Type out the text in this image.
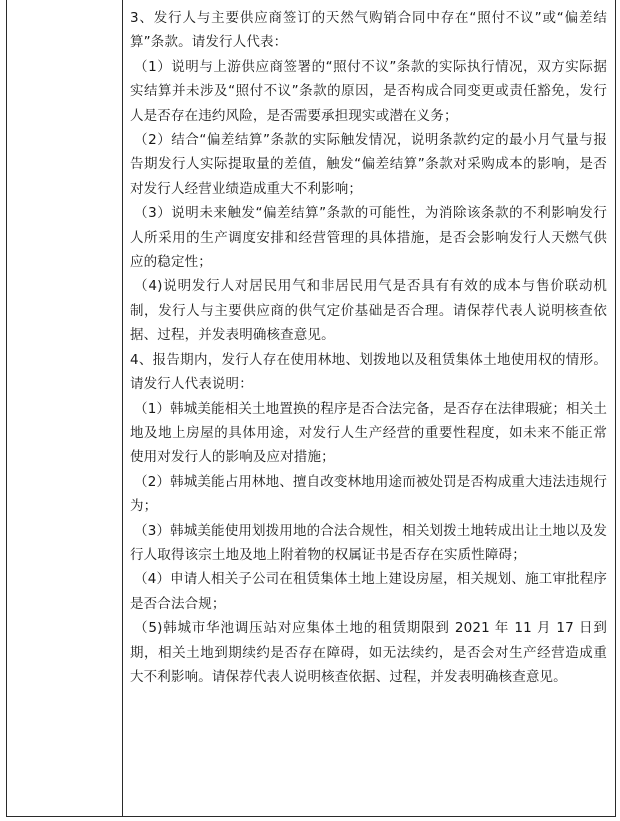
3、发行人与主要供应商签订的天然气购销合同中存在“照付不议”或“偏差结算”条款。请发行人代表：

（1）说明与上游供应商签署的“照付不议”条款的实际执行情况，双方实际据实结算并未涉及“照付不议”条款的原因，是否构成合同变更或责任豁免，发行人是否存在违约风险，是否需要承担现实或潜在义务；

（2）结合“偏差结算”条款的实际触发情况，说明条款约定的最小月气量与报告期发行人实际提取量的差值，触发“偏差结算”条款对采购成本的影响，是否对发行人经营业绩造成重大不利影响；

（3）说明未来触发“偏差结算”条款的可能性，为消除该条款的不利影响发行人所采用的生产调度安排和经营管理的具体措施，是否会影响发行人天燃气供应的稳定性；

（4)说明发行人对居民用气和非居民用气是否具有有效的成本与售价联动机制，发行人与主要供应商的供气定价基础是否合理。请保荐代表人说明核查依据、过程，并发表明确核查意见。

4、报告期内，发行人存在使用林地、划拨地以及租赁集体土地使用权的情形。请发行人代表说明：

（1）韩城美能相关土地置换的程序是否合法完备，是否存在法律瑕疵；相关土地及地上房屋的具体用途，对发行人生产经营的重要性程度，如未来不能正常使用对发行人的影响及应对措施；

（2）韩城美能占用林地、擅自改变林地用途而被处罚是否构成重大违法违规行为；

（3）韩城美能使用划拨用地的合法合规性，相关划拨土地转成出让土地以及发行人取得该宗土地及地上附着物的权属证书是否存在实质性障碍；

（4）申请人相关子公司在租赁集体土地上建设房屋，相关规划、施工审批程序是否合法合规；

（5)韩城市华池调压站对应集体土地的租赁期限到 2021 年 11 月 17 日到期，相关土地到期续约是否存在障碍，如无法续约，是否会对生产经营造成重大不利影响。请保荐代表人说明核查依据、过程，并发表明确核查意见。
